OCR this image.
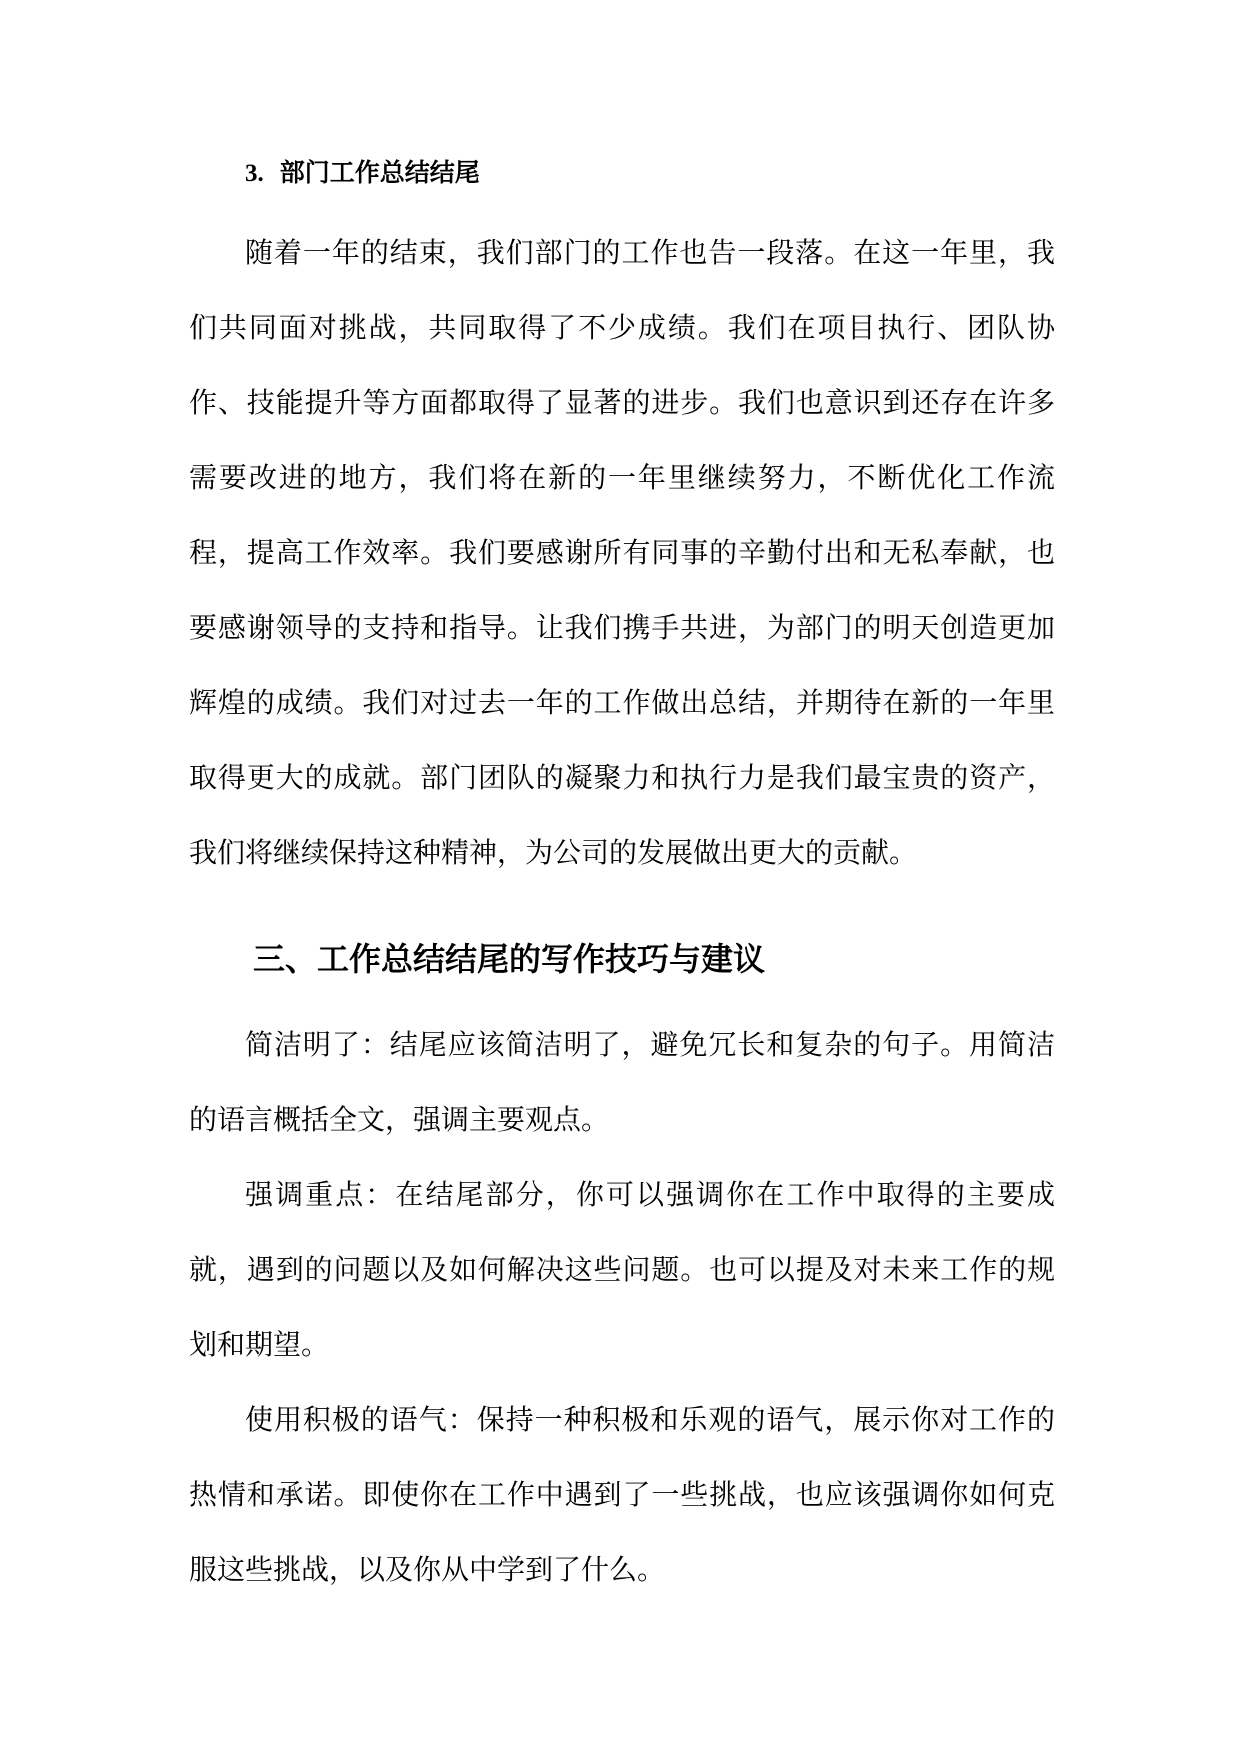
3. 部门工作总结结尾

随着一年的结束，我们部门的工作也告一段落。在这一年里，我们共同面对挑战，共同取得了不少成绩。我们在项目执行、团队协作、技能提升等方面都取得了显著的进步。我们也意识到还存在许多需要改进的地方，我们将在新的一年里继续努力，不断优化工作流程，提高工作效率。我们要感谢所有同事的辛勤付出和无私奉献，也要感谢领导的支持和指导。让我们携手共进，为部门的明天创造更加辉煌的成绩。我们对过去一年的工作做出总结，并期待在新的一年里取得更大的成就。部门团队的凝聚力和执行力是我们最宝贵的资产，我们将继续保持这种精神，为公司的发展做出更大的贡献。

三、工作总结结尾的写作技巧与建议

简洁明了：结尾应该简洁明了，避免冗长和复杂的句子。用简洁的语言概括全文，强调主要观点。

强调重点：在结尾部分，你可以强调你在工作中取得的主要成就，遇到的问题以及如何解决这些问题。也可以提及对未来工作的规划和期望。

使用积极的语气：保持一种积极和乐观的语气，展示你对工作的热情和承诺。即使你在工作中遇到了一些挑战，也应该强调你如何克服这些挑战，以及你从中学到了什么。
